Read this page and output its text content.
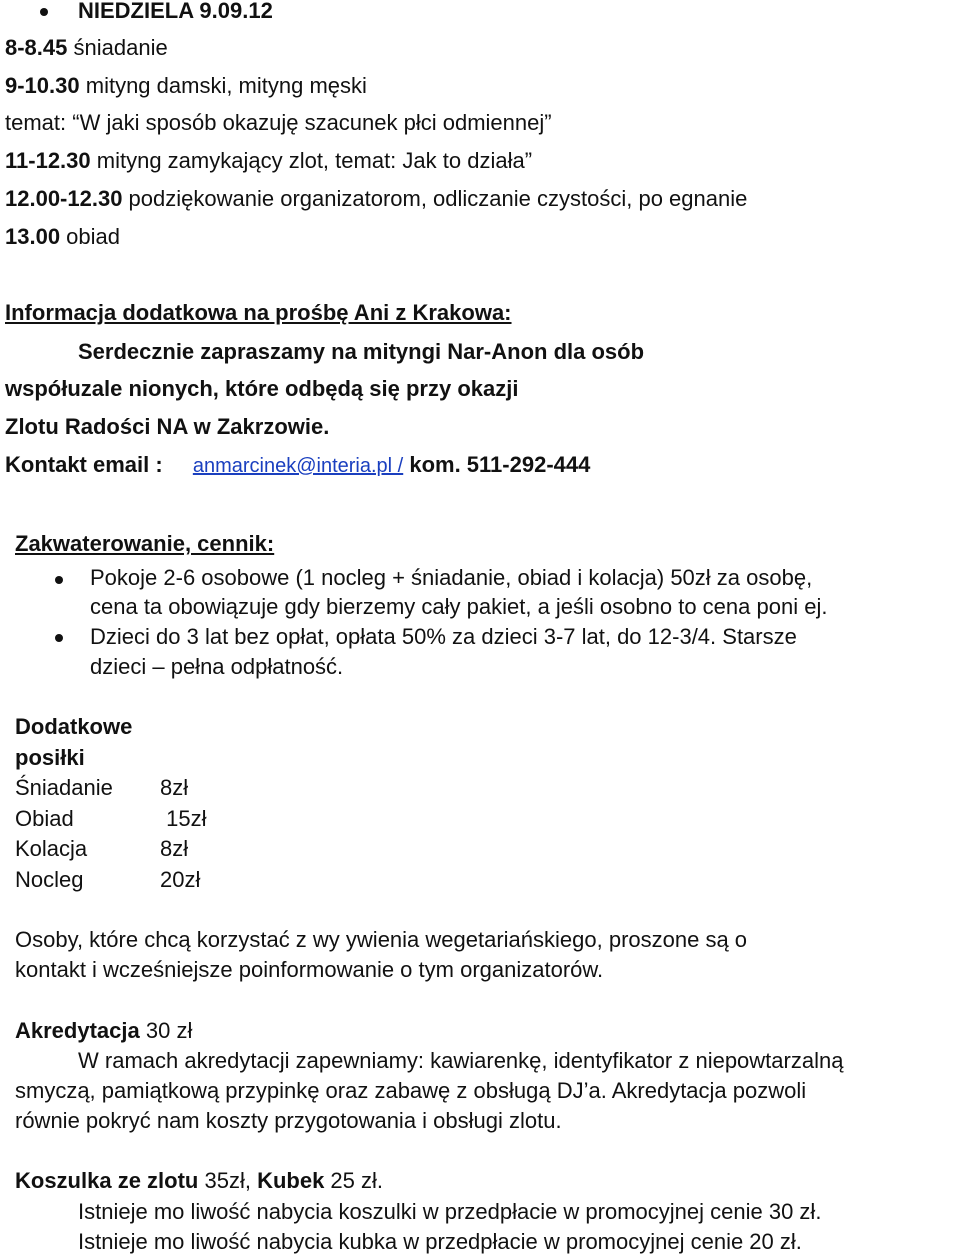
NIEDZIELA 9.09.12
8-8.45 śniadanie
9-10.30 mityng damski, mityng męski
temat: “W jaki sposób okazuję szacunek płci odmiennej”
11-12.30 mityng zamykający zlot, temat: Jak to działa”
12.00-12.30 podziękowanie organizatorom, odliczanie czystości, po egnanie
13.00 obiad
Informacja dodatkowa na prośbę Ani z Krakowa:
Serdecznie zapraszamy na mityngi Nar-Anon dla osób
współuzale nionych, które odbędą się przy okazji
Zlotu Radości NA w Zakrzowie.
Kontakt email : anmarcinek@interia.pl / kom. 511-292-444
Zakwaterowanie, cennik:
Pokoje 2-6 osobowe (1 nocleg + śniadanie, obiad i kolacja) 50zł za osobę,
cena ta obowiązuje gdy bierzemy cały pakiet, a jeśli osobno to cena poni ej.
Dzieci do 3 lat bez opłat, opłata 50% za dzieci 3-7 lat, do 12-3/4. Starsze
dzieci – pełna odpłatność.
Dodatkowe
posiłki
Śniadanie 8zł
Obiad	15zł
Kolacja	8zł
Nocleg	20zł
Osoby, które chcą korzystać z wy ywienia wegetariańskiego, proszone są o
kontakt i wcześniejsze poinformowanie o tym organizatorów.
Akredytacja 30 zł
W ramach akredytacji zapewniamy: kawiarenkę, identyfikator z niepowtarzalną
smyczą, pamiątkową przypinkę oraz zabawę z obsługą DJ’a. Akredytacja pozwoli
równie pokryć nam koszty przygotowania i obsługi zlotu.
Koszulka ze zlotu 35zł, Kubek 25 zł.
Istnieje mo liwość nabycia koszulki w przedpłacie w promocyjnej cenie 30 zł.
Istnieje mo liwość nabycia kubka w przedpłacie w promocyjnej cenie 20 zł.
